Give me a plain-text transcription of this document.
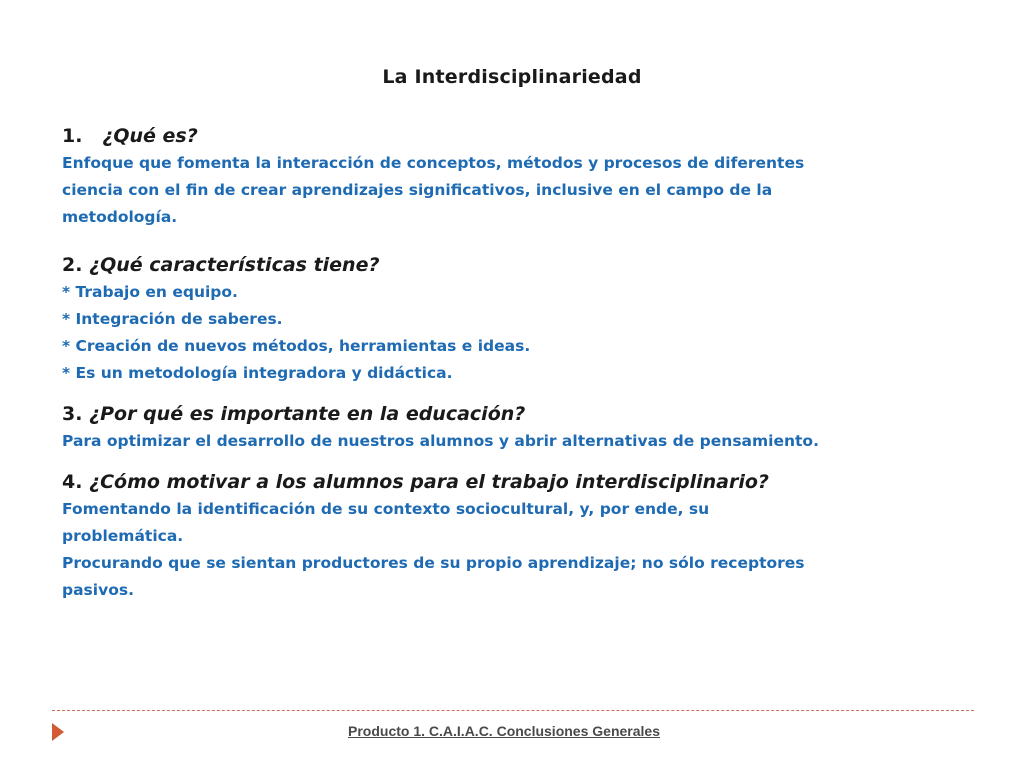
La Interdisciplinariedad
1. ¿Qué es?
Enfoque que fomenta la interacción de conceptos, métodos y procesos de diferentes
ciencia con el fin de crear aprendizajes significativos, inclusive en el campo de la
metodología.
2. ¿Qué características tiene?
* Trabajo en equipo.
* Integración de saberes.
* Creación de nuevos métodos, herramientas e ideas.
* Es un metodología integradora y didáctica.
3. ¿Por qué es importante en la educación?
Para optimizar el desarrollo de nuestros alumnos y abrir alternativas de pensamiento.
4. ¿Cómo motivar a los alumnos para el trabajo interdisciplinario?
Fomentando la identificación de su contexto sociocultural, y, por ende, su
problemática.
Procurando que se sientan productores de su propio aprendizaje; no sólo receptores
pasivos.
Producto 1. C.A.I.A.C. Conclusiones Generales
